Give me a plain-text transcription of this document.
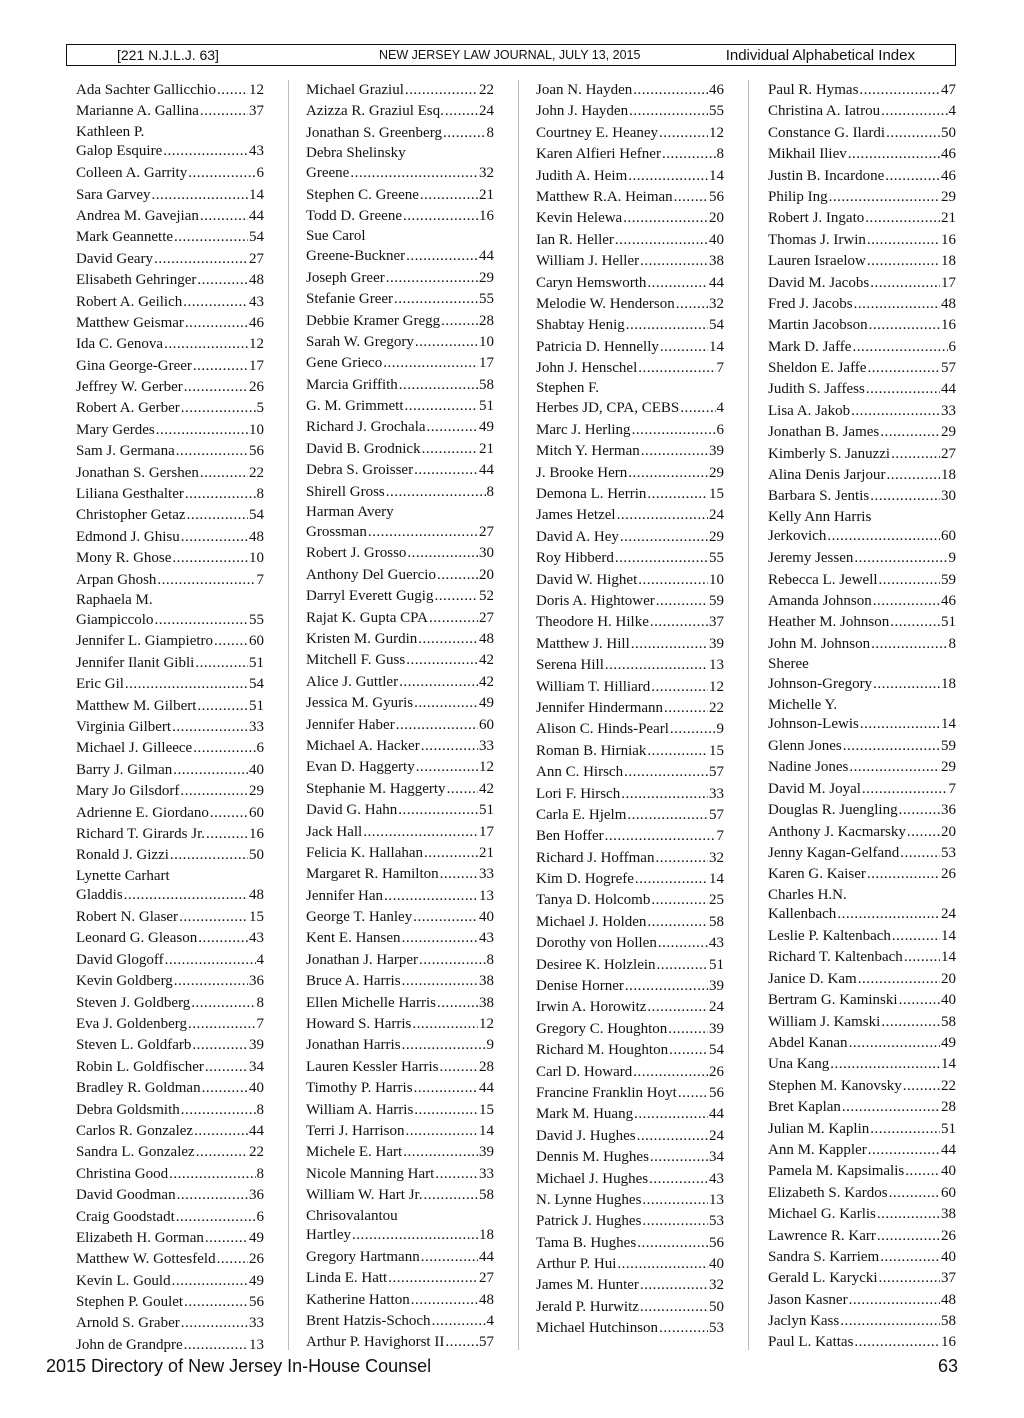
[221 N.J.L.J. 63]	NEW JERSEY LAW JOURNAL, JULY 13, 2015	Individual Alphabetical Index
Ada Sachter Gallicchio ..... 12
Marianne A. Gallina .....	37
Kathleen P.
Galop Esquire .....	43
Colleen A. Garrity .....	6
Sara Garvey .....	14
Andrea M. Gavejian .....	44
Mark Geannette .....	54
David Geary .....	27
Elisabeth Gehringer .....	48
Robert A. Geilich .....	43
Matthew Geismar .....	46
Ida C. Genova .....	12
Gina George-Greer .....	17
Jeffrey W. Gerber .....	26
Robert A. Gerber .....	5
Mary Gerdes .....	10
Sam J. Germana .....	56
Jonathan S. Gershen .....	22
Liliana Gesthalter .....	8
Christopher Getaz .....	54
Edmond J. Ghisu .....	48
Mony R. Ghose .....	10
Arpan Ghosh .....	7
Raphaela M.
Giampiccolo .....	55
Jennifer L. Giampietro ..... 60
Jennifer Ilanit Gibli .....	51
Eric Gil .....	54
Matthew M. Gilbert .....	51
Virginia Gilbert .....	33
Michael J. Gilleece .....	6
Barry J. Gilman .....	40
Mary Jo Gilsdorf .....	29
Adrienne E. Giordano .....	60
Richard T. Girards Jr. .....	16
Ronald J. Gizzi .....	50
Lynette Carhart
Gladdis .....	48
Robert N. Glaser .....	15
Leonard G. Gleason .....	43
David Glogoff .....	4
Kevin Goldberg .....	36
Steven J. Goldberg .....	8
Eva J. Goldenberg .....	7
Steven L. Goldfarb .....	39
Robin L. Goldfischer .....	34
Bradley R. Goldman .....	40
Debra Goldsmith .....	8
Carlos R. Gonzalez .....	44
Sandra L. Gonzalez .....	22
Christina Good .....	8
David Goodman .....	36
Craig Goodstadt .....	6
Elizabeth H. Gorman .....	49
Matthew W. Gottesfeld ..... 26
Kevin L. Gould .....	49
Stephen P. Goulet .....	56
Arnold S. Graber .....	33
John de Grandpre .....	13
Michael Graziul .....	22
Azizza R. Graziul Esq. ..... 24
Jonathan S. Greenberg .....	8
Debra Shelinsky
Greene .....	32
Stephen C. Greene .....	21
Todd D. Greene .....	16
Sue Carol
Greene-Buckner .....	44
Joseph Greer .....	29
Stefanie Greer .....	55
Debbie Kramer Gregg .....	28
Sarah W. Gregory .....	10
Gene Grieco .....	17
Marcia Griffith .....	58
G. M. Grimmett .....	51
Richard J. Grochala .....	49
David B. Grodnick .....	21
Debra S. Groisser .....	44
Shirell Gross .....	8
Harman Avery
Grossman .....	27
Robert J. Grosso .....	30
Anthony Del Guercio .....	20
Darryl Everett Gugig .....	52
Rajat K. Gupta CPA .....	27
Kristen M. Gurdin .....	48
Mitchell F. Guss .....	42
Alice J. Guttler .....	42
Jessica M. Gyuris .....	49
Jennifer Haber .....	60
Michael A. Hacker .....	33
Evan D. Haggerty .....	12
Stephanie M. Haggerty ..... 42
David G. Hahn .....	51
Jack Hall .....	17
Felicia K. Hallahan .....	21
Margaret R. Hamilton .....	33
Jennifer Han .....	13
George T. Hanley .....	40
Kent E. Hansen .....	43
Jonathan J. Harper .....	8
Bruce A. Harris .....	38
Ellen Michelle Harris .....	38
Howard S. Harris .....	12
Jonathan Harris .....	9
Lauren Kessler Harris .....	28
Timothy P. Harris .....	44
William A. Harris .....	15
Terri J. Harrison .....	14
Michele E. Hart .....	39
Nicole Manning Hart .....	33
William W. Hart Jr. .....	58
Chrisovalantou
Hartley .....	18
Gregory Hartmann .....	44
Linda E. Hatt .....	27
Katherine Hatton .....	48
Brent Hatzis-Schoch .....	4
Arthur P. Havighorst II ..... 57
Joan N. Hayden .....	46
John J. Hayden .....	55
Courtney E. Heaney .....	12
Karen Alfieri Hefner .....	8
Judith A. Heim .....	14
Matthew R.A. Heiman ..... 56
Kevin Helewa .....	20
Ian R. Heller .....	40
William J. Heller .....	38
Caryn Hemsworth .....	44
Melodie W. Henderson ..... 32
Shabtay Henig .....	54
Patricia D. Hennelly .....	14
John J. Henschel .....	7
Stephen F.
Herbes JD, CPA, CEBS ..... 4
Marc J. Herling .....	6
Mitch Y. Herman .....	39
J. Brooke Hern .....	29
Demona L. Herrin .....	15
James Hetzel .....	24
David A. Hey .....	29
Roy Hibberd .....	55
David W. Highet .....	10
Doris A. Hightower .....	59
Theodore H. Hilke .....	37
Matthew J. Hill .....	39
Serena Hill .....	13
William T. Hilliard .....	12
Jennifer Hindermann .....	22
Alison C. Hinds-Pearl .....	9
Roman B. Hirniak .....	15
Ann C. Hirsch .....	57
Lori F. Hirsch .....	33
Carla E. Hjelm .....	57
Ben Hoffer .....	7
Richard J. Hoffman .....	32
Kim D. Hogrefe .....	14
Tanya D. Holcomb .....	25
Michael J. Holden .....	58
Dorothy von Hollen .....	43
Desiree K. Holzlein .....	51
Denise Horner .....	39
Irwin A. Horowitz .....	24
Gregory C. Houghton .....	39
Richard M. Houghton .....	54
Carl D. Howard .....	26
Francine Franklin Hoyt ..... 56
Mark M. Huang .....	44
David J. Hughes .....	24
Dennis M. Hughes .....	34
Michael J. Hughes .....	43
N. Lynne Hughes .....	13
Patrick J. Hughes .....	53
Tama B. Hughes .....	56
Arthur P. Hui .....	40
James M. Hunter .....	32
Jerald P. Hurwitz .....	50
Michael Hutchinson .....	53
Paul R. Hymas .....	47
Christina A. Iatrou .....	4
Constance G. Ilardi .....	50
Mikhail Iliev .....	46
Justin B. Incardone .....	46
Philip Ing .....	29
Robert J. Ingato .....	21
Thomas J. Irwin .....	16
Lauren Israelow .....	18
David M. Jacobs .....	17
Fred J. Jacobs .....	48
Martin Jacobson .....	16
Mark D. Jaffe .....	6
Sheldon E. Jaffe .....	57
Judith S. Jaffess .....	44
Lisa A. Jakob .....	33
Jonathan B. James .....	29
Kimberly S. Januzzi .....	27
Alina Denis Jarjour .....	18
Barbara S. Jentis .....	30
Kelly Ann Harris
Jerkovich .....	60
Jeremy Jessen .....	9
Rebecca L. Jewell .....	59
Amanda Johnson .....	46
Heather M. Johnson .....	51
John M. Johnson .....	8
Sheree
Johnson-Gregory .....	18
Michelle Y.
Johnson-Lewis .....	14
Glenn Jones .....	59
Nadine Jones .....	29
David M. Joyal .....	7
Douglas R. Juengling .....	36
Anthony J. Kacmarsky ..... 20
Jenny Kagan-Gelfand .....	53
Karen G. Kaiser .....	26
Charles H.N.
Kallenbach .....	24
Leslie P. Kaltenbach .....	14
Richard T. Kaltenbach .....	14
Janice D. Kam .....	20
Bertram G. Kaminski .....	40
William J. Kamski .....	58
Abdel Kanan .....	49
Una Kang .....	14
Stephen M. Kanovsky .....	22
Bret Kaplan .....	28
Julian M. Kaplin .....	51
Ann M. Kappler .....	44
Pamela M. Kapsimalis ..... 40
Elizabeth S. Kardos .....	60
Michael G. Karlis .....	38
Lawrence R. Karr .....	26
Sandra S. Karriem .....	40
Gerald L. Karycki .....	37
Jason Kasner .....	48
Jaclyn Kass .....	58
Paul L. Kattas .....	16
2015 Directory of New Jersey In-House Counsel	63
